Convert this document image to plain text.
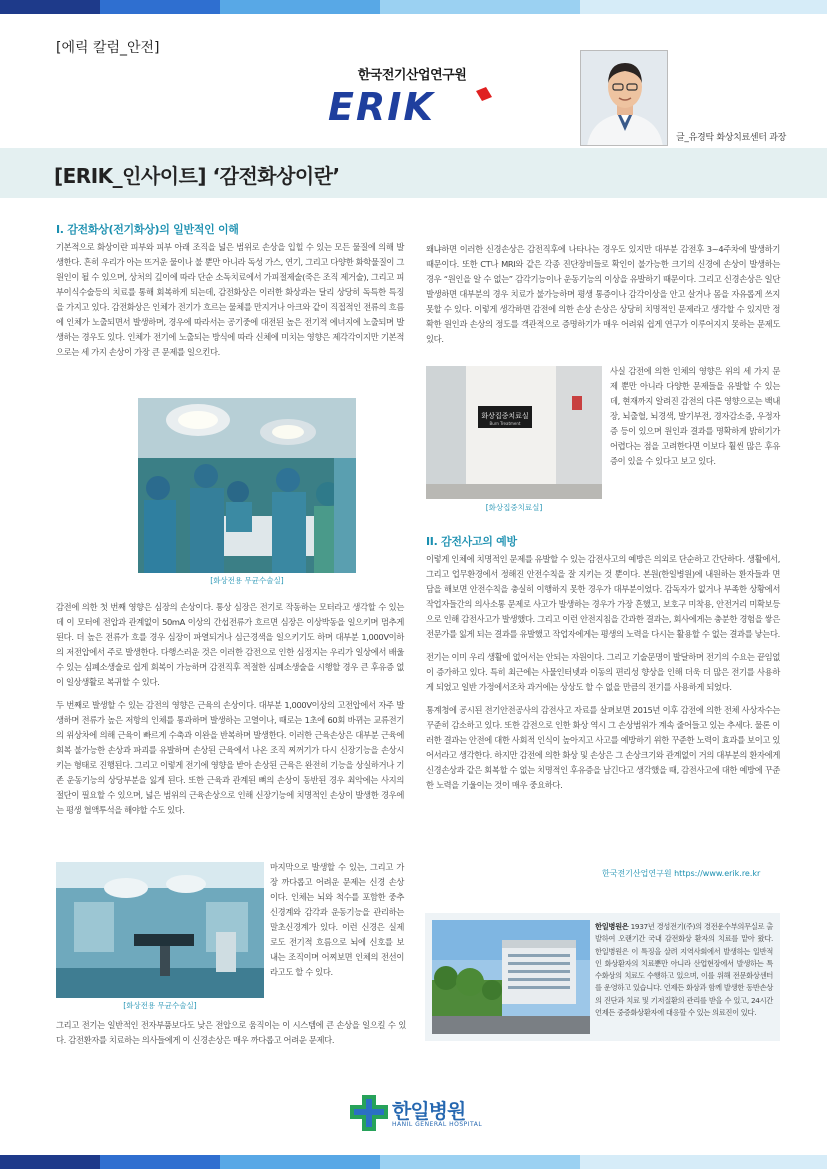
[에릭 칼럼_안전]
한국전기산업연구원
ERIK
글_유경탁 화상치료센터 과장
[ERIK_인사이트] ‘감전화상이란’
I. 감전화상(전기화상)의 일반적인 이해

기본적으로 화상이란 피부와 피부 아래 조직을 넓은 범위로 손상을 입힐 수 있는 모든 물질에 의해 발생한다. 흔히 우리가 아는 뜨거운 물이나 불 뿐만 아니라 독성 가스, 연기, 그리고 다양한 화학물질이 그 원인이 될 수 있으며, 상처의 깊이에 따라 단순 소독치료에서 가피절제술(죽은 조직 제거술), 그리고 피부이식수술등의 치료를 통해 회복하게 되는데, 감전화상은 이러한 화상과는 달리 상당히 독특한 특징을 가지고 있다. 감전화상은 인체가 전기가 흐르는 물체를 만지거나 아크와 같이 직접적인 전류의 흐름에 인체가 노출되면서 발생하며, 경우에 따라서는 공기중에 대전된 높은 전기적 에너지에 노출되며 발생하는 경우도 있다. 인체가 전기에 노출되는 방식에 따라 신체에 미치는 영향은 제각각이지만 기본적으로는 세 가지 손상이 가장 큰 문제를 일으킨다.

[화상전용 무균수술실]

감전에 의한 첫 번째 영향은 심장의 손상이다. 통상 심장은 전기로 작동하는 모터라고 생각할 수 있는데 이 모터에 전압과 관계없이 50mA 이상의 간섭전류가 흐르면 심장은 이상박동을 일으키며 멈추게 된다. 더 높은 전류가 흐를 경우 심장이 파열되거나 심근경색을 일으키기도 하며 대부분 1,000V이하의 저전압에서 주로 발생한다. 다행스러운 것은 이러한 감전으로 인한 심정지는 우리가 일상에서 배울 수 있는 심폐소생술로 쉽게 회복이 가능하며 감전직후 적절한 심폐소생술을 시행할 경우 큰 후유증 없이 일상생활로 복귀할 수 있다.

두 번째로 발생할 수 있는 감전의 영향은 근육의 손상이다. 대부분 1,000V이상의 고전압에서 자주 발생하며 전류가 높은 저항의 인체를 통과하며 발생하는 고열이나, 때로는 1초에 60회 바뀌는 교류전기의 위상차에 의해 근육이 빠르게 수축과 이완을 반복하며 발생한다. 이러한 근육손상은 대부분 근육에 회복 불가능한 손상과 파괴를 유발하며 손상된 근육에서 나온 조직 찌꺼기가 다시 신장기능을 손상시키는 형태로 진행된다. 그리고 이렇게 전기에 영향을 받아 손상된 근육은 완전히 기능을 상실하거나 기존 운동기능의 상당부분을 잃게 된다. 또한 근육과 관계된 뼈의 손상이 동반된 경우 최악에는 사지의 절단이 필요할 수 있으며, 넓은 범위의 근육손상으로 인해 신장기능에 치명적인 손상이 발생한 경우에는 평생 혈액투석을 해야할 수도 있다.

[화상전용 무균수술실]

마지막으로 발생할 수 있는, 그리고 가장 까다롭고 어려운 문제는 신경 손상이다. 인체는 뇌와 척수를 포함한 중추신경계와 감각과 운동기능을 관리하는 말초신경계가 있다. 이런 신경은 실제로도 전기적 흐름으로 뇌에 신호를 보내는 조직이며 어찌보면 인체의 전선이라고도 할 수 있다.

그리고 전기는 일반적인 전자부품보다도 낮은 전압으로 움직이는 이 시스템에 큰 손상을 일으킬 수 있다. 감전환자를 치료하는 의사들에게 이 신경손상은 매우 까다롭고 어려운 문제다.

왜냐하면 이러한 신경손상은 감전직후에 나타나는 경우도 있지만 대부분 감전후 3~4주차에 발생하기 때문이다. 또한 CT나 MRI와 같은 각종 진단장비들로 확인이 불가능한 크기의 신경에 손상이 발생하는 경우 “원인을 알 수 없는” 감각기능이나 운동기능의 이상을 유발하기 때문이다. 그리고 신경손상은 일단 발생하면 대부분의 경우 치료가 불가능하며 평생 통증이나 감각이상을 안고 살거나 몸을 자유롭게 쓰지 못할 수 있다. 이렇게 생각하면 감전에 의한 손상 손상은 상당히 치명적인 문제라고 생각할 수 있지만 정확한 원인과 손상의 정도를 객관적으로 증명하기가 매우 어려워 쉽게 연구가 이루어지지 못하는 문제도있다.

화상집중치료실
Burn Treatment
[화상집중치료실]

사실 감전에 의한 인체의 영향은 위의 세 가지 문제 뿐만 아니라 다양한 문제들을 유발할 수 있는데, 현재까지 알려진 감전의 다른 영향으로는 백내장, 뇌출혈, 뇌경색, 발기부전, 경자감소증, 우정자증 등이 있으며 원인과 결과를 명확하게 밝히기가 어렵다는 점을 고려한다면 이보다 훨씬 많은 후유증이 있을 수 있다고 보고 있다.

II. 감전사고의 예방

이렇게 인체에 치명적인 문제를 유발할 수 있는 감전사고의 예방은 의외로 단순하고 간단하다. 생활에서, 그리고 업무환경에서 정해진 안전수칙을 잘 지키는 것 뿐이다. 본원(한일병원)에 내원하는 환자들과 면담을 해보면 안전수칙을 충실히 이행하지 못한 경우가 대부분이었다. 감독자가 없거나 부족한 상황에서 작업자들간의 의사소통 문제로 사고가 발생하는 경우가 가장 흔했고, 보호구 미착용, 안전거리 미확보등으로 인해 감전사고가 발생했다. 그리고 이런 안전지침을 간과한 결과는, 회사에게는 충분한 경험을 쌓은 전문가를 잃게 되는 결과를 유발했고 작업자에게는 평생의 노력을 다시는 활용할 수 없는 결과를 낳는다.

전기는 이미 우리 생활에 없어서는 안되는 자원이다. 그리고 기술문명이 발달하며 전기의 수요는 끝임없이 증가하고 있다. 특히 최근에는 사물인터넷과 이동의 편리성 향상을 인해 더욱 더 많은 전기를 사용하게 되었고 일반 가정에서조차 과거에는 상상도 할 수 없을 만큼의 전기를 사용하게 되었다.

통계청에 공시된 전기안전공사의 감전사고 자료를 살펴보면 2015년 이후 감전에 의한 전체 사상자수는 꾸준히 감소하고 있다. 또한 감전으로 인한 화상 역시 그 손상범위가 계속 줄어들고 있는 추세다. 물론 이러한 결과는 안전에 대한 사회적 인식이 높아지고 사고를 예방하기 위한 꾸준한 노력이 효과를 보이고 있어서라고 생각한다. 하지만 감전에 의한 화상 및 손상은 그 손상크기와 관계없이 거의 대부분의 환자에게 신경손상과 같은 회복할 수 없는 치명적인 후유증을 남긴다고 생각했을 때, 감전사고에 대한 예방에 꾸준한 노력을 기울이는 것이 매우 중요하다.

한국전기산업연구원 https://www.erik.re.kr
한일병원은 1937년 경성전기(주)의 경전운수부의무실로 출발하여 오랜기간 국내 감전화상 환자의 치료를 맡아 왔다. 한일병원은 이 특징을 살려 지역사회에서 발생하는 일반적인 화상환자의 치료뿐만 아니라 산업현장에서 발생하는 특수화상의 치료도 수행하고 있으며, 이를 위해 전문화상센터를 운영하고 있습니다. 언제든 화상과 함께 발생한 동반손상의 진단과 치료 및 기저질환의 관리를 받을 수 있고, 24시간 언제든 중증화상환자에 대응할 수 있는 의료진이 있다.
한일병원
HANIL GENERAL HOSPITAL
